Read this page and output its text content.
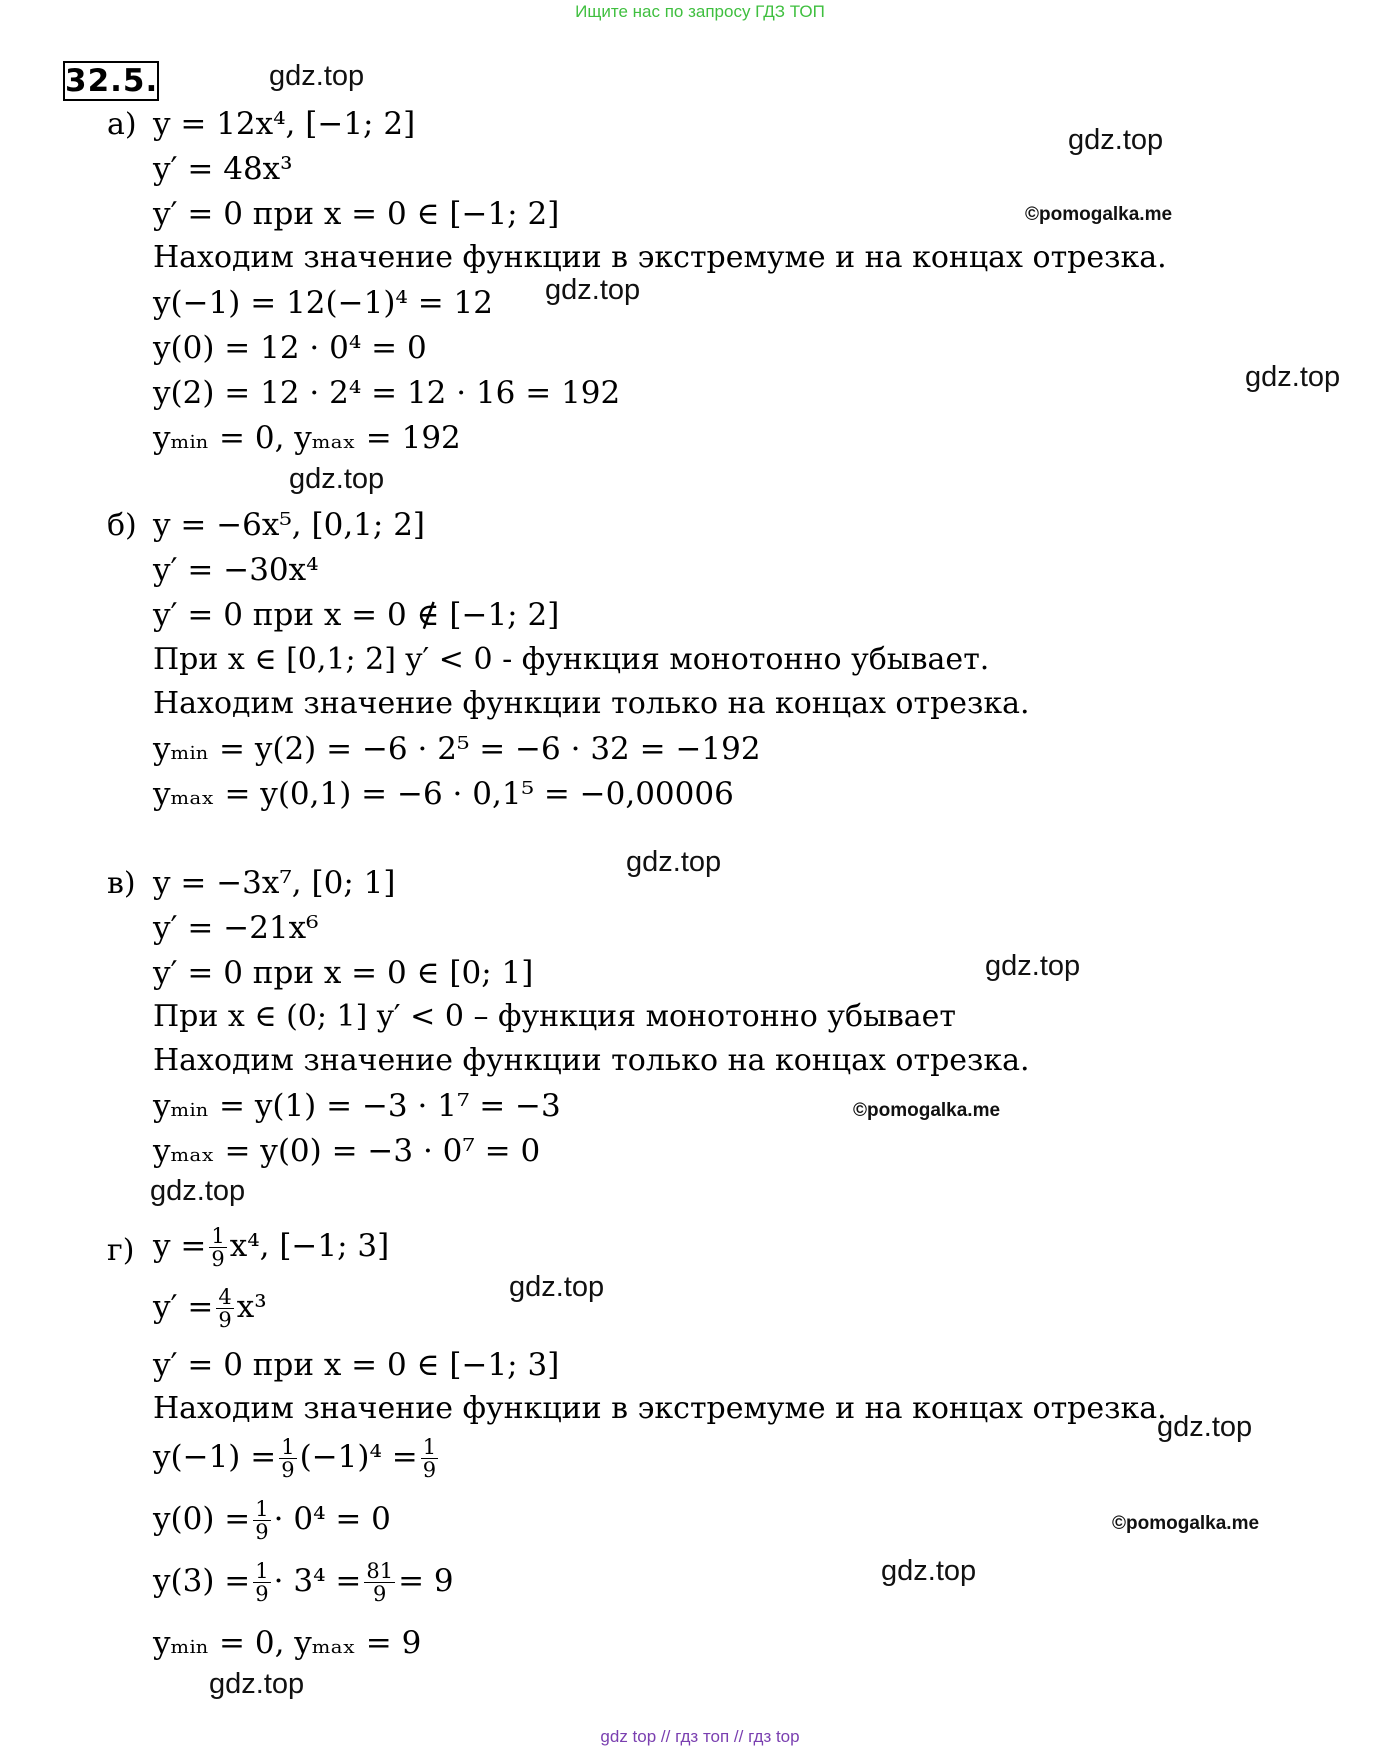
Ищите нас по запросу ГДЗ ТОП
32.5.	gdz.top
gdz.top
©pomogalka.me
gdz.top
gdz.top
gdz.top
gdz.top
gdz.top
©pomogalka.me
gdz.top
gdz.top
gdz.top
©pomogalka.me
gdz.top
gdz.top
а) y = 12x⁴, [−1; 2]
y′ = 48x³
y′ = 0 при x = 0 ∈ [−1; 2]
Находим значение функции в экстремуме и на концах отрезка.
y(−1) = 12(−1)⁴ = 12
y(0) = 12 · 0⁴ = 0
y(2) = 12 · 2⁴ = 12 · 16 = 192
yₘᵢₙ = 0, yₘₐₓ = 192
б) y = −6x⁵, [0,1; 2]
y′ = −30x⁴
y′ = 0 при x = 0 ∉ [−1; 2]
При x ∈ [0,1; 2] y′ < 0 - функция монотонно убывает.
Находим значение функции только на концах отрезка.
yₘᵢₙ = y(2) = −6 · 2⁵ = −6 · 32 = −192
yₘₐₓ = y(0,1) = −6 · 0,1⁵ = −0,00006
в) y = −3x⁷, [0; 1]
y′ = −21x⁶
y′ = 0 при x = 0 ∈ [0; 1]
При x ∈ (0; 1] y′ < 0 – функция монотонно убывает
Находим значение функции только на концах отрезка.
yₘᵢₙ = y(1) = −3 · 1⁷ = −3
yₘₐₓ = y(0) = −3 · 0⁷ = 0
г) $y = \frac{1}{9} x^4$, [−1; 3]
$y' = \frac{4}{9} x^3$
y′ = 0 при x = 0 ∈ [−1; 3]
Находим значение функции в экстремуме и на концах отрезка.
$y(-1) = \frac{1}{9} (-1)^4 = \frac{1}{9}$
$y(0) = \frac{1}{9} \cdot 0^4 = 0$
$y(3) = \frac{1}{9} \cdot 3^4 = \frac{81}{9} = 9$
yₘᵢₙ = 0, yₘₐₓ = 9
gdz top // гдз топ // гдз top
